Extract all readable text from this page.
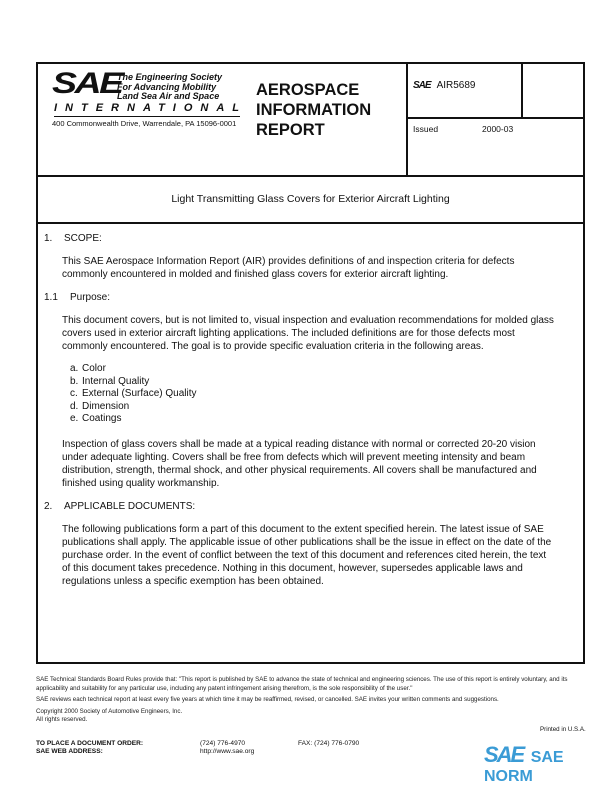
SAE
The Engineering Society
For Advancing Mobility
Land Sea Air and Space
INTERNATIONAL
400 Commonwealth Drive, Warrendale, PA 15096-0001
AEROSPACE
INFORMATION
REPORT
SAE AIR5689
Issued	2000-03
Light Transmitting Glass Covers for Exterior Aircraft Lighting
1. SCOPE:

This SAE Aerospace Information Report (AIR) provides definitions of and inspection criteria for defects commonly encountered in molded and finished glass covers for exterior aircraft lighting.

1.1 Purpose:

This document covers, but is not limited to, visual inspection and evaluation recommendations for molded glass covers used in exterior aircraft lighting applications. The included definitions are for those defects most commonly encountered. The goal is to provide specific evaluation criteria in the following areas.

a. Color
b. Internal Quality
c. External (Surface) Quality
d. Dimension
e. Coatings

Inspection of glass covers shall be made at a typical reading distance with normal or corrected 20-20 vision under adequate lighting. Covers shall be free from defects which will prevent meeting intensity and beam distribution, strength, thermal shock, and other physical requirements. All covers shall be manufactured and finished using quality workmanship.

2. APPLICABLE DOCUMENTS:

The following publications form a part of this document to the extent specified herein. The latest issue of SAE publications shall apply. The applicable issue of other publications shall be the issue in effect on the date of the purchase order. In the event of conflict between the text of this document and references cited herein, the text of this document takes precedence. Nothing in this document, however, supersedes applicable laws and regulations unless a specific exemption has been obtained.

SAE Technical Standards Board Rules provide that: "This report is published by SAE to advance the state of technical and engineering sciences. The use of this report is entirely voluntary, and its applicability and suitability for any particular use, including any patent infringement arising therefrom, is the sole responsibility of the user."
SAE reviews each technical report at least every five years at which time it may be reaffirmed, revised, or cancelled. SAE invites your written comments and suggestions.
Copyright 2000 Society of Automotive Engineers, Inc.
All rights reserved.
Printed in U.S.A.
TO PLACE A DOCUMENT ORDER:
SAE WEB ADDRESS:
(724) 776-4970
http://www.sae.org
FAX: (724) 776-0790	SAE SAE NORM
